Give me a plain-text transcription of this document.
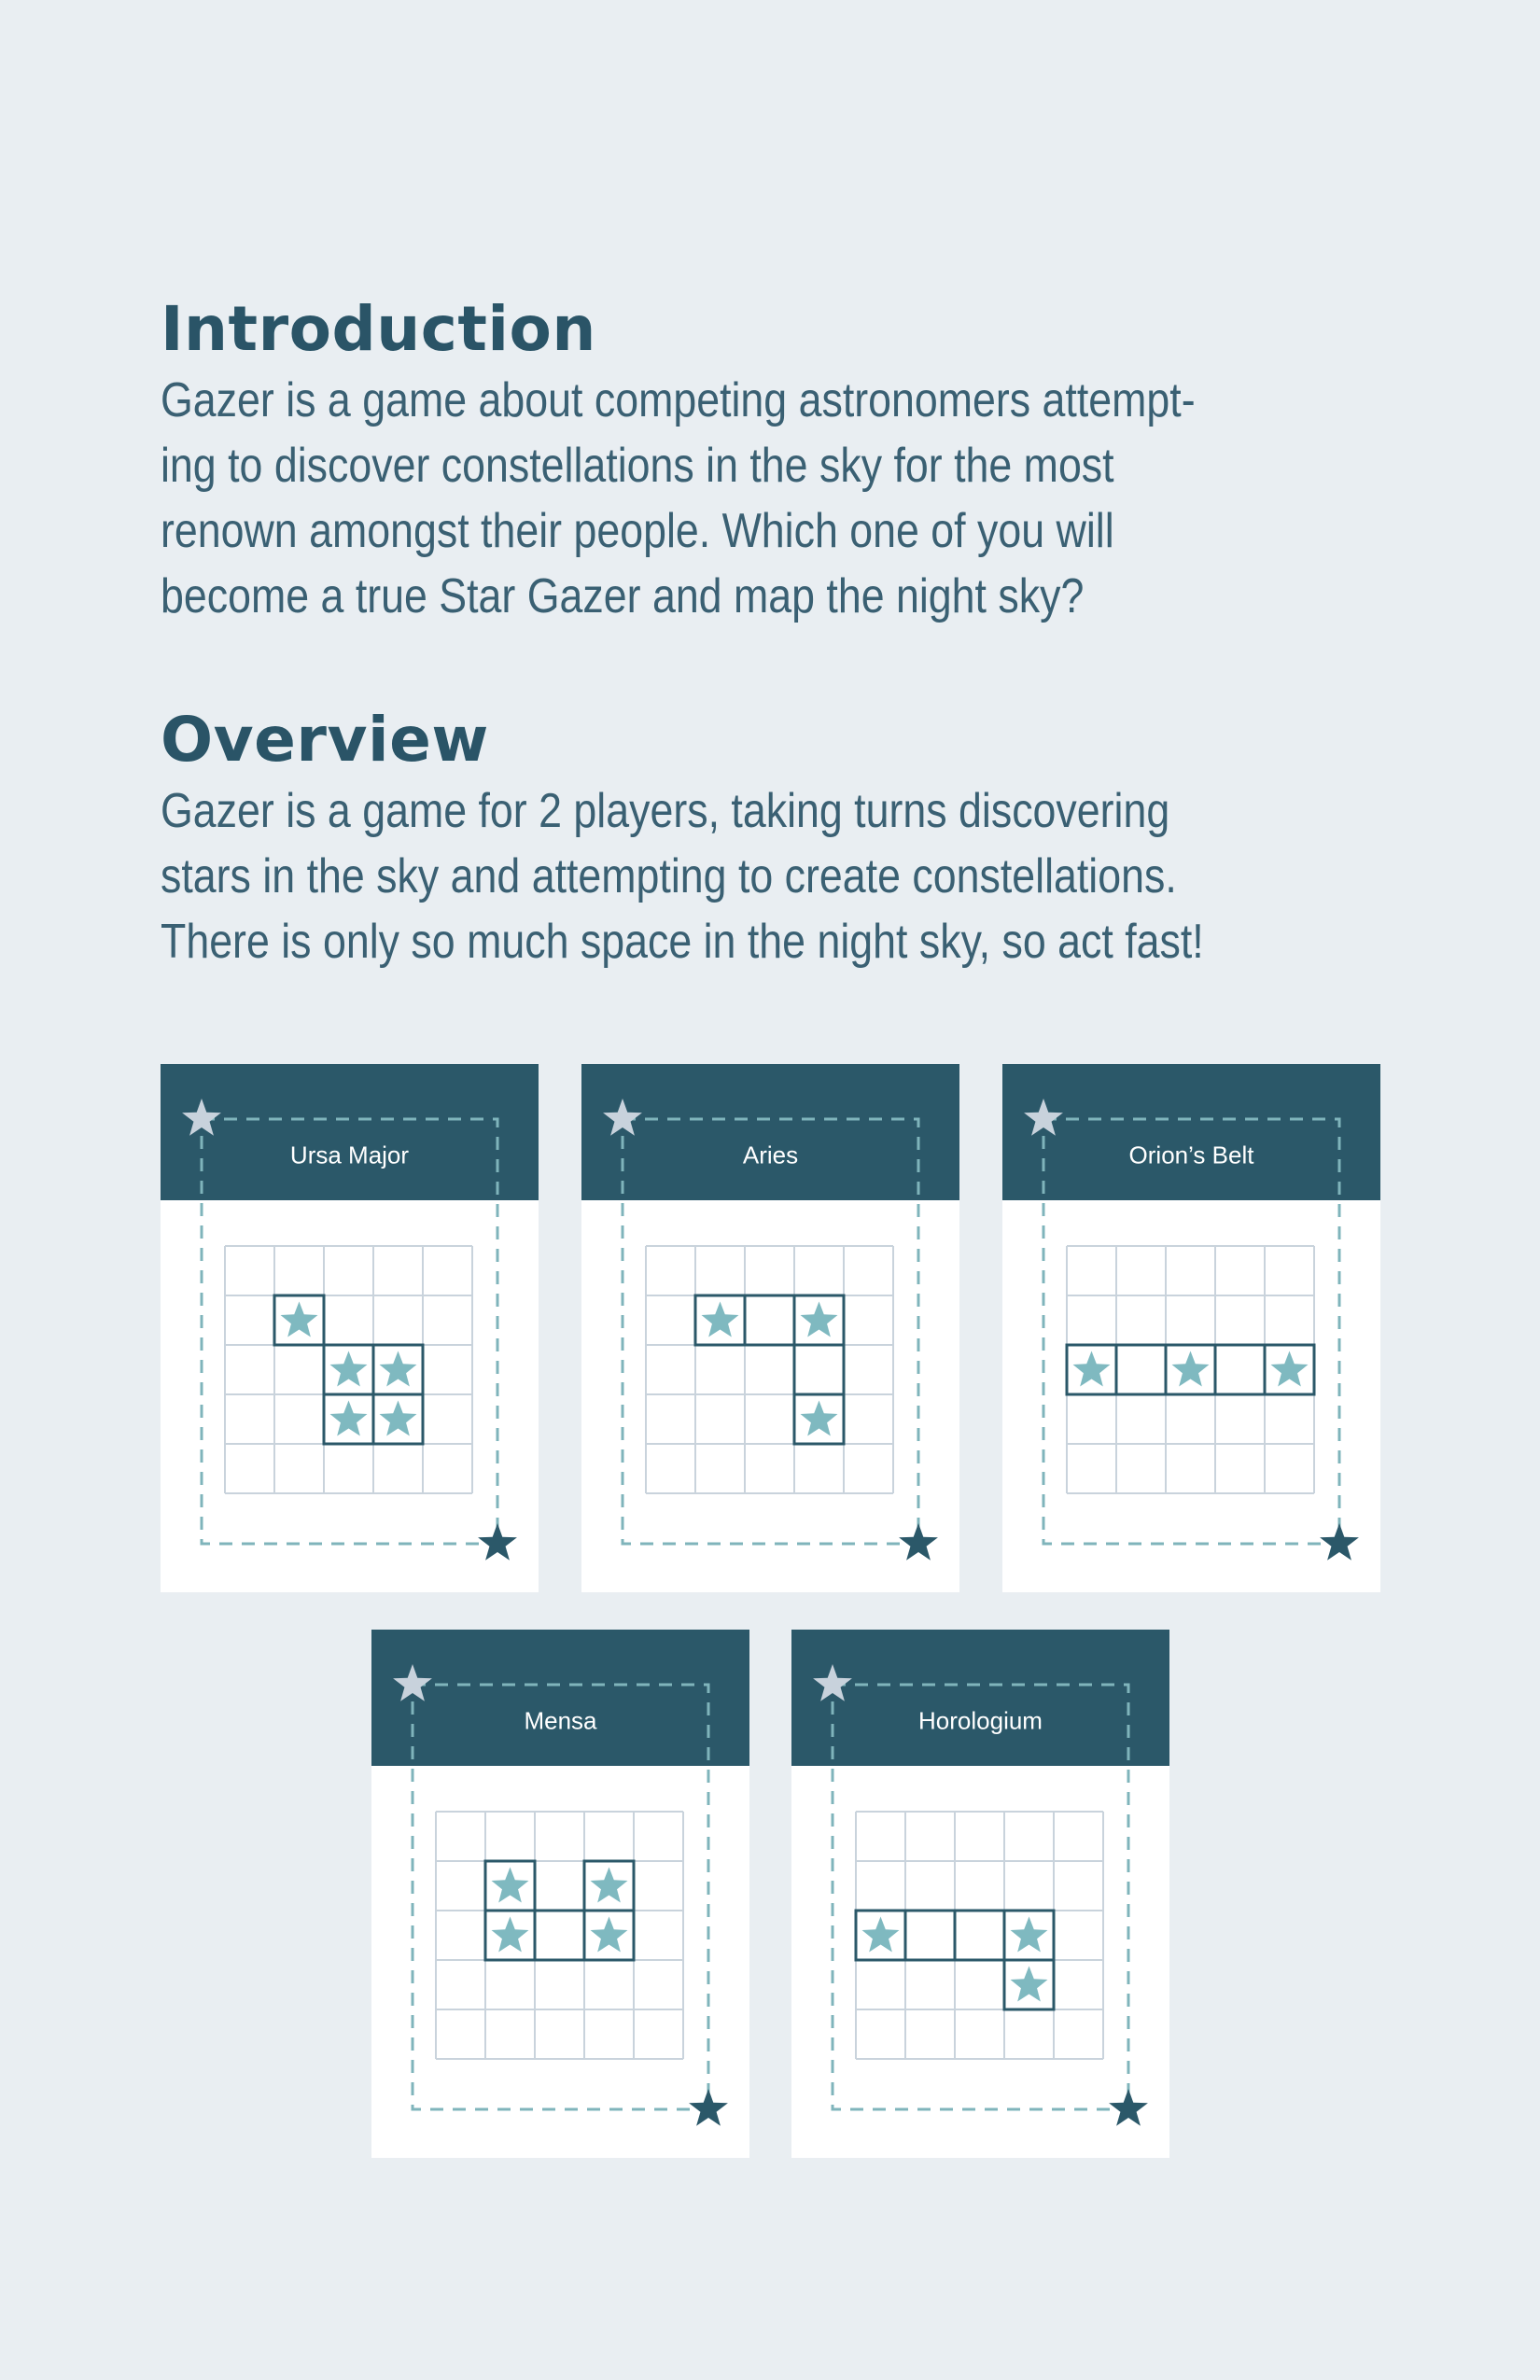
Introduction

Gazer is a game about competing astronomers attempt-
ing to discover constellations in the sky for the most
renown amongst their people. Which one of you will
become a true Star Gazer and map the night sky?

Overview

Gazer is a game for 2 players, taking turns discovering
stars in the sky and attempting to create constellations.
There is only so much space in the night sky, so act fast!

Ursa Major	Aries	Orion’s Belt
Mensa	Horologium
